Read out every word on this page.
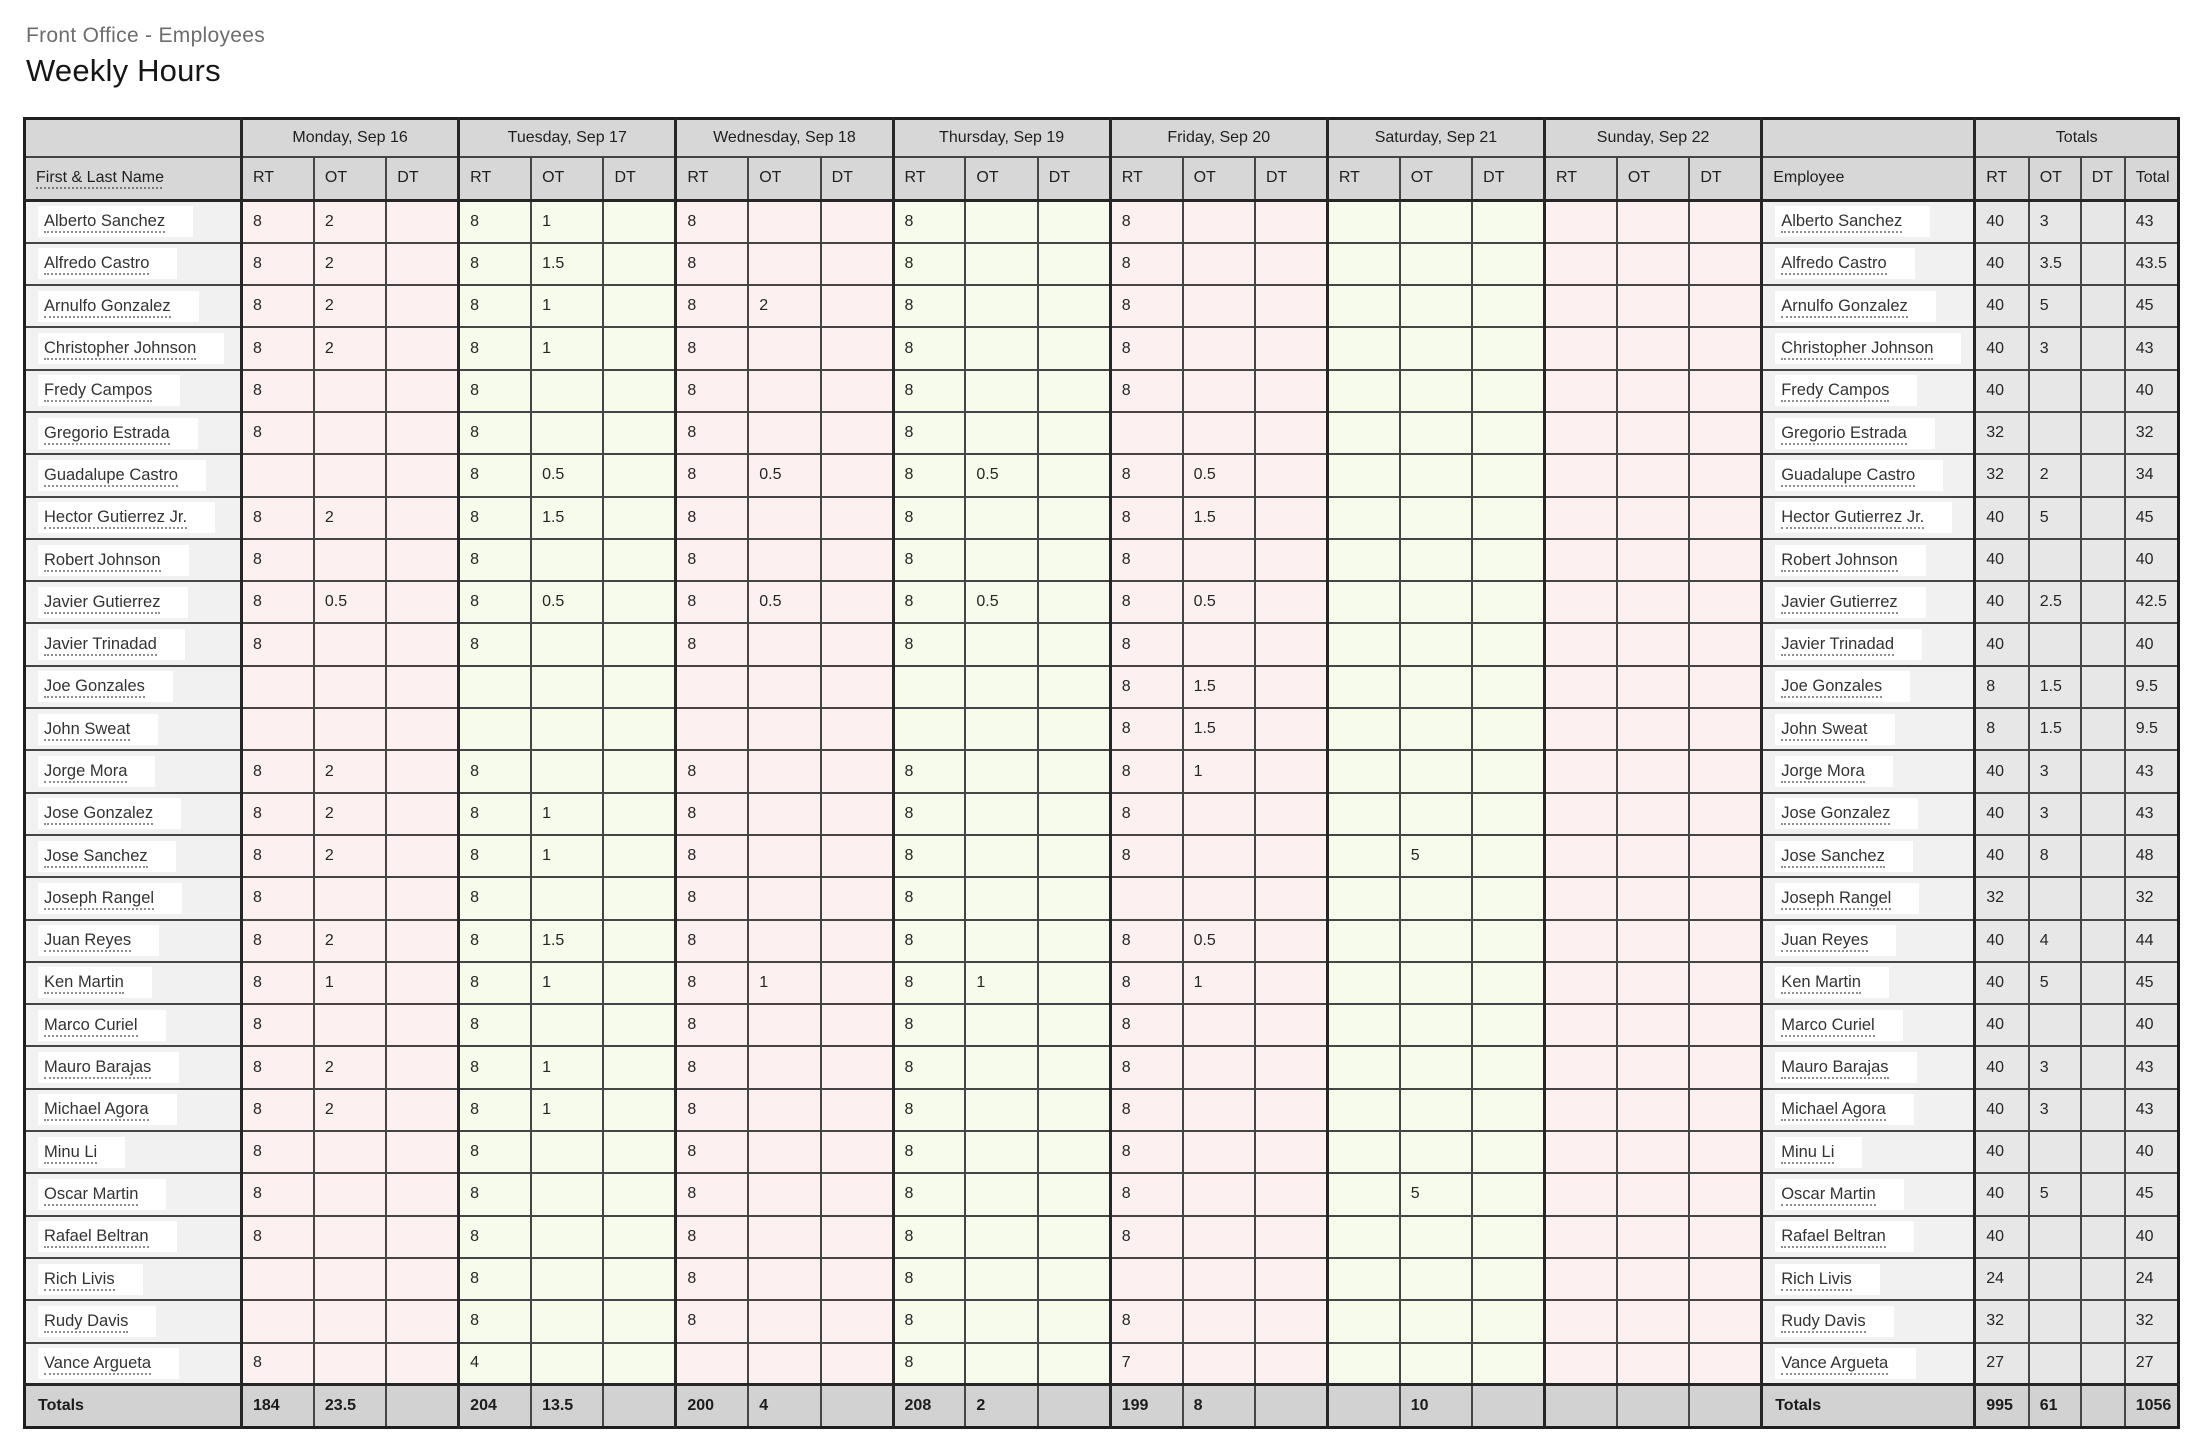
Front Office - Employees
Weekly Hours
	Monday, Sep 16			Tuesday, Sep 17			Wednesday, Sep 18			Thursday, Sep 19			Friday, Sep 20			Saturday, Sep 21			Sunday, Sep 22				Totals			
First & Last Name	RT	OT	DT	RT	OT	DT	RT	OT	DT	RT	OT	DT	RT	OT	DT	RT	OT	DT	RT	OT	DT	Employee	RT	OT	DT	Total
Alberto Sanchez	8	2		8	1		8			8			8									Alberto Sanchez	40	3		43
Alfredo Castro	8	2		8	1.5		8			8			8									Alfredo Castro	40	3.5		43.5
Arnulfo Gonzalez	8	2		8	1		8	2		8			8									Arnulfo Gonzalez	40	5		45
Christopher Johnson	8	2		8	1		8			8			8									Christopher Johnson	40	3		43
Fredy Campos	8			8			8			8			8									Fredy Campos	40			40
Gregorio Estrada	8			8			8			8												Gregorio Estrada	32			32
Guadalupe Castro				8	0.5		8	0.5		8	0.5		8	0.5								Guadalupe Castro	32	2		34
Hector Gutierrez Jr.	8	2		8	1.5		8			8			8	1.5								Hector Gutierrez Jr.	40	5		45
Robert Johnson	8			8			8			8			8									Robert Johnson	40			40
Javier Gutierrez	8	0.5		8	0.5		8	0.5		8	0.5		8	0.5								Javier Gutierrez	40	2.5		42.5
Javier Trinadad	8			8			8			8			8									Javier Trinadad	40			40
Joe Gonzales													8	1.5								Joe Gonzales	8	1.5		9.5
John Sweat													8	1.5								John Sweat	8	1.5		9.5
Jorge Mora	8	2		8			8			8			8	1								Jorge Mora	40	3		43
Jose Gonzalez	8	2		8	1		8			8			8									Jose Gonzalez	40	3		43
Jose Sanchez	8	2		8	1		8			8			8				5					Jose Sanchez	40	8		48
Joseph Rangel	8			8			8			8												Joseph Rangel	32			32
Juan Reyes	8	2		8	1.5		8			8			8	0.5								Juan Reyes	40	4		44
Ken Martin	8	1		8	1		8	1		8	1		8	1								Ken Martin	40	5		45
Marco Curiel	8			8			8			8			8									Marco Curiel	40			40
Mauro Barajas	8	2		8	1		8			8			8									Mauro Barajas	40	3		43
Michael Agora	8	2		8	1		8			8			8									Michael Agora	40	3		43
Minu Li	8			8			8			8			8									Minu Li	40			40
Oscar Martin	8			8			8			8			8				5					Oscar Martin	40	5		45
Rafael Beltran	8			8			8			8			8									Rafael Beltran	40			40
Rich Livis				8			8			8												Rich Livis	24			24
Rudy Davis				8			8			8			8									Rudy Davis	32			32
Vance Argueta	8			4						8			7									Vance Argueta	27			27
Totals	184	23.5		204	13.5		200	4		208	2		199	8			10					Totals	995	61		1056
